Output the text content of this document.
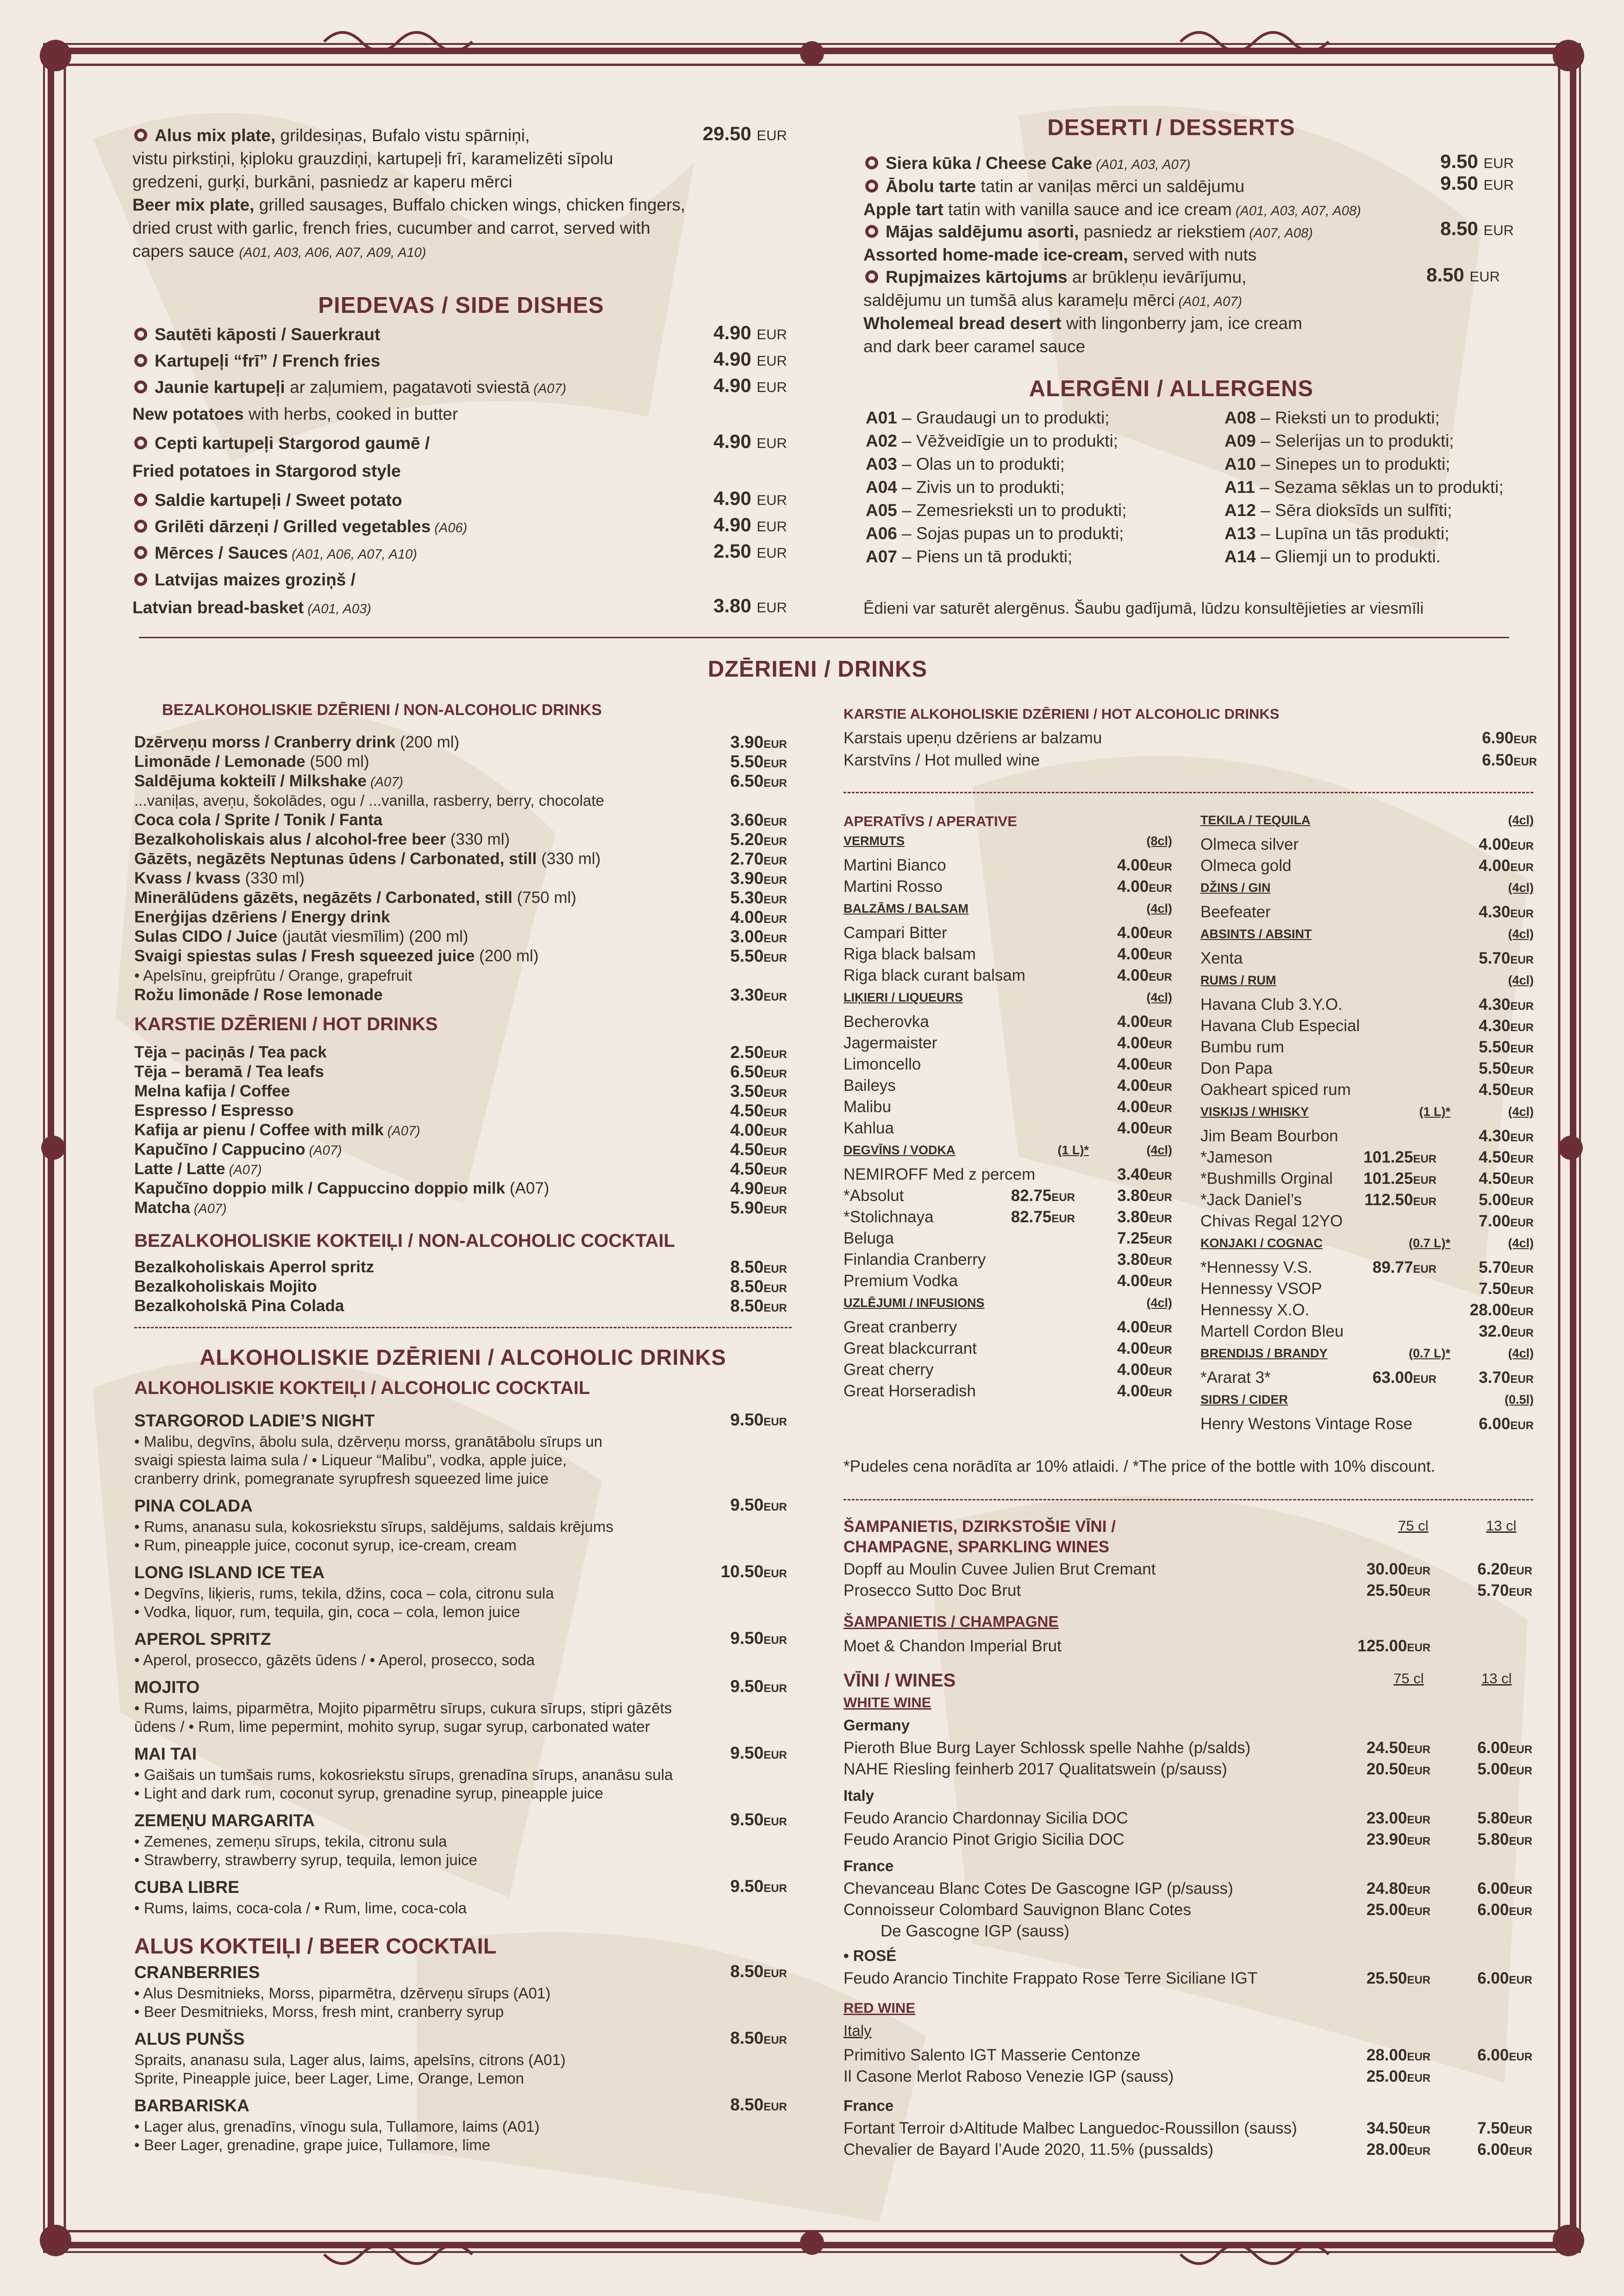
Alus mix plate, grildesiņas, Bufalo vistu spārniņi,	29.50 EUR
vistu pirkstiņi, ķiploku grauzdiņi, kartupeļi frī, karamelizēti sīpolu
gredzeni, gurķi, burkāni, pasniedz ar kaperu mērci
Beer mix plate, grilled sausages, Buffalo chicken wings, chicken fingers,
dried crust with garlic, french fries, cucumber and carrot, served with
capers sauce (A01, A03, A06, A07, A09, A10)
PIEDEVAS / SIDE DISHES
Sautēti kāposti / Sauerkraut	4.90 EUR
Kartupeļi “frī” / French fries	4.90 EUR
Jaunie kartupeļi ar zaļumiem, pagatavoti sviestā (A07)	4.90 EUR
New potatoes with herbs, cooked in butter
Cepti kartupeļi Stargorod gaumē /	4.90 EUR
Fried potatoes in Stargorod style
Saldie kartupeļi / Sweet potato	4.90 EUR
Grilēti dārzeņi / Grilled vegetables (A06)	4.90 EUR
Mērces / Sauces (A01, A06, A07, A10)	2.50 EUR
Latvijas maizes groziņš /
Latvian bread-basket (A01, A03)	3.80 EUR
DESERTI / DESSERTS
Siera kūka / Cheese Cake (A01, A03, A07)	9.50 EUR
Ābolu tarte tatin ar vaniļas mērci un saldējumu	9.50 EUR
Apple tart tatin with vanilla sauce and ice cream (A01, A03, A07, A08)
Mājas saldējumu asorti, pasniedz ar riekstiem (A07, A08)	8.50 EUR
Assorted home-made ice-cream, served with nuts
Rupjmaizes kārtojums ar brūkleņu ievārījumu,	8.50 EUR
saldējumu un tumšā alus karameļu mērci (A01, A07)
Wholemeal bread desert with lingonberry jam, ice cream
and dark beer caramel sauce
ALERGĒNI / ALLERGENS
A01 – Graudaugi un to produkti;
A02 – Vēžveidīgie un to produkti;
A03 – Olas un to produkti;
A04 – Zivis un to produkti;
A05 – Zemesrieksti un to produkti;
A06 – Sojas pupas un to produkti;
A07 – Piens un tā produkti;
A08 – Rieksti un to produkti;
A09 – Selerijas un to produkti;
A10 – Sinepes un to produkti;
A11 – Sezama sēklas un to produkti;
A12 – Sēra dioksīds un sulfīti;
A13 – Lupīna un tās produkti;
A14 – Gliemji un to produkti.
Ēdieni var saturēt alergēnus. Šaubu gadījumā, lūdzu konsultējieties ar viesmīli
DZĒRIENI / DRINKS
BEZALKOHOLISKIE DZĒRIENI / NON-ALCOHOLIC DRINKS
Dzērveņu morss / Cranberry drink (200 ml)	3.90EUR
Limonāde / Lemonade (500 ml)	5.50EUR
Saldējuma kokteilī / Milkshake (A07)	6.50EUR
...vaniļas, aveņu, šokolādes, ogu / ...vanilla, rasberry, berry, chocolate
Coca cola / Sprite / Tonik / Fanta	3.60EUR
Bezalkoholiskais alus / alcohol-free beer (330 ml)	5.20EUR
Gāzēts, negāzēts Neptunas ūdens / Carbonated, still (330 ml)	2.70EUR
Kvass / kvass (330 ml)	3.90EUR
Minerālūdens gāzēts, negāzēts / Carbonated, still (750 ml)	5.30EUR
Enerģijas dzēriens / Energy drink	4.00EUR
Sulas CIDO / Juice (jautāt viesmīlim) (200 ml)	3.00EUR
Svaigi spiestas sulas / Fresh squeezed juice (200 ml)	5.50EUR
• Apelsīnu, greipfrūtu / Orange, grapefruit
Rožu limonāde / Rose lemonade	3.30EUR
KARSTIE DZĒRIENI / HOT DRINKS
Tēja – paciņās / Tea pack	2.50EUR
Tēja – beramā / Tea leafs	6.50EUR
Melna kafija / Coffee	3.50EUR
Espresso / Espresso	4.50EUR
Kafija ar pienu / Coffee with milk (A07)	4.00EUR
Kapučīno / Cappucino (A07)	4.50EUR
Latte / Latte (A07)	4.50EUR
Kapučīno doppio milk / Cappuccino doppio milk (A07)	4.90EUR
Matcha (A07)	5.90EUR
BEZALKOHOLISKIE KOKTEIĻI / NON-ALCOHOLIC COCKTAIL
Bezalkoholiskais Aperrol spritz	8.50EUR
Bezalkoholiskais Mojito	8.50EUR
Bezalkoholskā Pina Colada	8.50EUR
ALKOHOLISKIE DZĒRIENI / ALCOHOLIC DRINKS
ALKOHOLISKIE KOKTEIĻI / ALCOHOLIC COCKTAIL
STARGOROD LADIE’S NIGHT	9.50EUR
• Malibu, degvīns, ābolu sula, dzērveņu morss, granātābolu sīrups un
svaigi spiesta laima sula / • Liqueur “Malibu”, vodka, apple juice,
cranberry drink, pomegranate syrupfresh squeezed lime juice
PINA COLADA	9.50EUR
• Rums, ananasu sula, kokosriekstu sīrups, saldējums, saldais krējums
• Rum, pineapple juice, coconut syrup, ice-cream, cream
LONG ISLAND ICE TEA	10.50EUR
• Degvīns, liķieris, rums, tekila, džins, coca – cola, citronu sula
• Vodka, liquor, rum, tequila, gin, coca – cola, lemon juice
APEROL SPRITZ	9.50EUR
• Aperol, prosecco, gāzēts ūdens / • Aperol, prosecco, soda
MOJITO	9.50EUR
• Rums, laims, piparmētra, Mojito piparmētru sīrups, cukura sīrups, stipri gāzēts
ūdens / • Rum, lime pepermint, mohito syrup, sugar syrup, carbonated water
MAI TAI	9.50EUR
• Gaišais un tumšais rums, kokosriekstu sīrups, grenadīna sīrups, ananāsu sula
• Light and dark rum, coconut syrup, grenadine syrup, pineapple juice
ZEMEŅU MARGARITA	9.50EUR
• Zemenes, zemeņu sīrups, tekila, citronu sula
• Strawberry, strawberry syrup, tequila, lemon juice
CUBA LIBRE	9.50EUR
• Rums, laims, coca-cola / • Rum, lime, coca-cola
ALUS KOKTEIĻI / BEER COCKTAIL
CRANBERRIES	8.50EUR
• Alus Desmitnieks, Morss, piparmētra, dzērveņu sīrups (A01)
• Beer Desmitnieks, Morss, fresh mint, cranberry syrup
ALUS PUNŠS	8.50EUR
Spraits, ananasu sula, Lager alus, laims, apelsīns, citrons (A01)
Sprite, Pineapple juice, beer Lager, Lime, Orange, Lemon
BARBARISKA	8.50EUR
• Lager alus, grenadīns, vīnogu sula, Tullamore, laims (A01)
• Beer Lager, grenadine, grape juice, Tullamore, lime
KARSTIE ALKOHOLISKIE DZĒRIENI / HOT ALCOHOLIC DRINKS
Karstais upeņu dzēriens ar balzamu	6.90EUR
Karstvīns / Hot mulled wine	6.50EUR
APERATĪVS / APERATIVE
VERMUTS	(8cl)
Martini Bianco	4.00EUR
Martini Rosso	4.00EUR
BALZĀMS / BALSAM	(4cl)
Campari Bitter	4.00EUR
Riga black balsam	4.00EUR
Riga black curant balsam	4.00EUR
LIĶIERI / LIQUEURS	(4cl)
Becherovka	4.00EUR
Jagermaister	4.00EUR
Limoncello	4.00EUR
Baileys	4.00EUR
Malibu	4.00EUR
Kahlua	4.00EUR
DEGVĪNS / VODKA	(4cl)
(1 L)*
NEMIROFF Med z percem	3.40EUR
*Absolut	82.75EUR	3.80EUR
*Stolichnaya	82.75EUR	3.80EUR
Beluga	7.25EUR
Finlandia Cranberry	3.80EUR
Premium Vodka	4.00EUR
UZLĒJUMI / INFUSIONS	(4cl)
Great cranberry	4.00EUR
Great blackcurrant	4.00EUR
Great cherry	4.00EUR
Great Horseradish	4.00EUR
TEKILA / TEQUILA	(4cl)
Olmeca silver	4.00EUR
Olmeca gold	4.00EUR
DŽINS / GIN	(4cl)
Beefeater	4.30EUR
ABSINTS / ABSINT	(4cl)
Xenta	5.70EUR
RUMS / RUM	(4cl)
Havana Club 3.Y.O.	4.30EUR
Havana Club Especial	4.30EUR
Bumbu rum	5.50EUR
Don Papa	5.50EUR
Oakheart spiced rum	4.50EUR
VISKIJS / WHISKY	(4cl)
(1 L)*
Jim Beam Bourbon	4.30EUR
*Jameson	101.25EUR	4.50EUR
*Bushmills Orginal	101.25EUR	4.50EUR
*Jack Daniel’s	112.50EUR	5.00EUR
Chivas Regal 12YO	7.00EUR
KONJAKI / COGNAC	(4cl)
(0.7 L)*
*Hennessy V.S.	89.77EUR	5.70EUR
Hennessy VSOP	7.50EUR
Hennessy X.O.	28.00EUR
Martell Cordon Bleu	32.0EUR
BRENDIJS / BRANDY	(4cl)
(0.7 L)*
*Ararat 3*	63.00EUR	3.70EUR
SIDRS / CIDER	(0.5l)
Henry Westons Vintage Rose	6.00EUR
*Pudeles cena norādīta ar 10% atlaidi. / *The price of the bottle with 10% discount.
ŠAMPANIETIS, DZIRKSTOŠIE VĪNI /	75 cl	13 cl
CHAMPAGNE, SPARKLING WINES
Dopff au Moulin Cuvee Julien Brut Cremant	30.00EUR	6.20EUR
Prosecco Sutto Doc Brut	25.50EUR	5.70EUR
ŠAMPANIETIS / CHAMPAGNE
Moet & Chandon Imperial Brut	125.00EUR
VĪNI / WINES	75 cl	13 cl
WHITE WINE
Germany
Pieroth Blue Burg Layer Schlossk spelle Nahhe (p/salds)	24.50EUR	6.00EUR
NAHE Riesling feinherb 2017 Qualitatswein (p/sauss)	20.50EUR	5.00EUR
Italy
Feudo Arancio Chardonnay Sicilia DOC	23.00EUR	5.80EUR
Feudo Arancio Pinot Grigio Sicilia DOC	23.90EUR	5.80EUR
France
Chevanceau Blanc Cotes De Gascogne IGP (p/sauss)	24.80EUR	6.00EUR
Connoisseur Colombard Sauvignon Blanc Cotes	25.00EUR	6.00EUR
De Gascogne IGP (sauss)
• ROSÉ
Feudo Arancio Tinchite Frappato Rose Terre Siciliane IGT	25.50EUR	6.00EUR
RED WINE
Italy
Primitivo Salento IGT Masserie Centonze	28.00EUR	6.00EUR
Il Casone Merlot Raboso Venezie IGP (sauss)	25.00EUR
France
Fortant Terroir d›Altitude Malbec Languedoc-Roussillon (sauss)	34.50EUR	7.50EUR
Chevalier de Bayard l’Aude 2020, 11.5% (pussalds)	28.00EUR	6.00EUR
